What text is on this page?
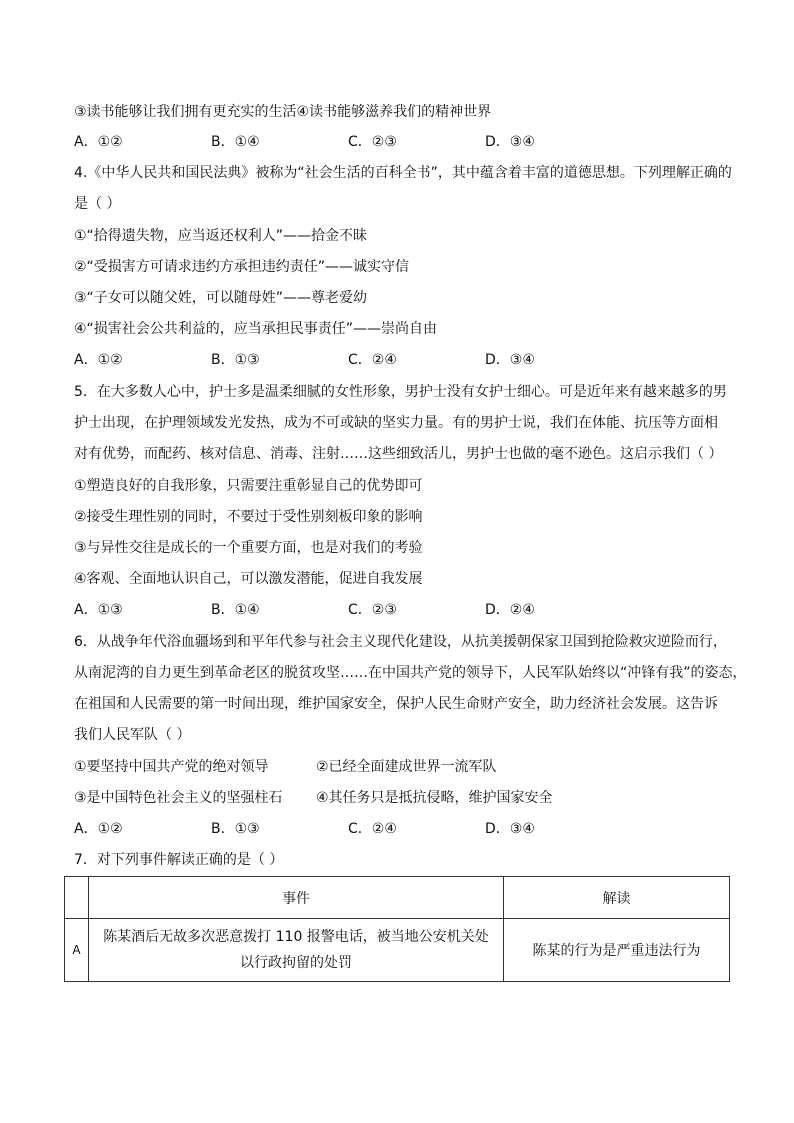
③读书能够让我们拥有更充实的生活④读书能够滋养我们的精神世界
A．①②	B．①④	C．②③	D．③④
4.《中华人民共和国民法典》被称为“社会生活的百科全书”，其中蕴含着丰富的道德思想。下列理解正确的
是（ ）
①“拾得遗失物，应当返还权利人”——拾金不昧
②“受损害方可请求违约方承担违约责任”——诚实守信
③“子女可以随父姓，可以随母姓”——尊老爱幼
④“损害社会公共利益的，应当承担民事责任”——崇尚自由
A．①②	B．①③	C．②④	D．③④
5．在大多数人心中，护士多是温柔细腻的女性形象，男护士没有女护士细心。可是近年来有越来越多的男
护士出现，在护理领域发光发热，成为不可或缺的坚实力量。有的男护士说，我们在体能、抗压等方面相
对有优势，而配药、核对信息、消毒、注射……这些细致活儿，男护士也做的毫不逊色。这启示我们（ ）
①塑造良好的自我形象，只需要注重彰显自己的优势即可
②接受生理性别的同时，不要过于受性别刻板印象的影响
③与异性交往是成长的一个重要方面，也是对我们的考验
④客观、全面地认识自己，可以激发潜能，促进自我发展
A．①③	B．①④	C．②③	D．②④
6．从战争年代浴血疆场到和平年代参与社会主义现代化建设，从抗美援朝保家卫国到抢险救灾逆险而行，
从南泥湾的自力更生到革命老区的脱贫攻坚……在中国共产党的领导下，人民军队始终以“冲锋有我”的姿态，
在祖国和人民需要的第一时间出现，维护国家安全，保护人民生命财产安全，助力经济社会发展。这告诉
我们人民军队（ ）
①要坚持中国共产党的绝对领导	②已经全面建成世界一流军队
③是中国特色社会主义的坚强柱石 ④其任务只是抵抗侵略，维护国家安全
A．①②	B．①③	C．②④	D．③④
7．对下列事件解读正确的是（ ）
	事件	解读
A	陈某酒后无故多次恶意拨打 110 报警电话，被当地公安机关处以行政拘留的处罚	陈某的行为是严重违法行为
